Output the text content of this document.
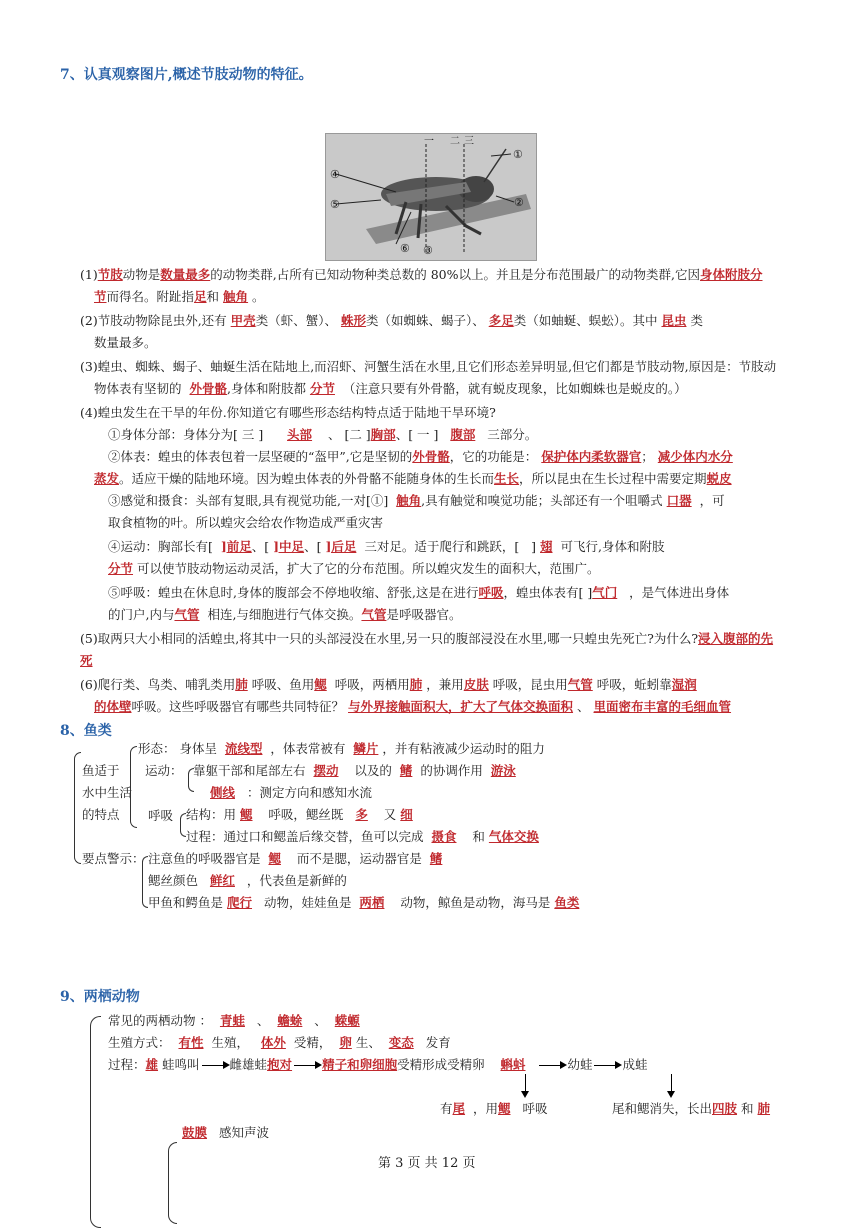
7、认真观察图片,概述节肢动物的特征。
一 二 三
①
②
③
④
⑤
⑥
(1)节肢动物是数量最多的动物类群,占所有已知动物种类总数的 80%以上。并且是分布范围最广的动物类群,它因身体附肢分
节而得名。附趾指足和 触角 。
(2)节肢动物除昆虫外,还有 甲壳类（虾、蟹）、 蛛形类（如蜘蛛、蝎子）、 多足类（如蚰蜒、蜈蚣）。其中 昆虫 类
数量最多。
(3)蝗虫、蜘蛛、蝎子、蚰蜒生活在陆地上,而沼虾、河蟹生活在水里,且它们形态差异明显,但它们都是节肢动物,原因是：节肢动
物体表有坚韧的 外骨骼,身体和附肢都 分节 （注意只要有外骨骼，就有蜕皮现象，比如蜘蛛也是蜕皮的。）
(4)蝗虫发生在干旱的年份.你知道它有哪些形态结构特点适于陆地干旱环境?
①身体分部：身体分为[ 三 ] 头部 、 [二 ]胸部、[ 一 ] 腹部 三部分。
②体表：蝗虫的体表包着一层坚硬的“盔甲”,它是坚韧的外骨骼，它的功能是： 保护体内柔软器官； 减少体内水分
蒸发。适应干燥的陆地环境。因为蝗虫体表的外骨骼不能随身体的生长而生长，所以昆虫在生长过程中需要定期蜕皮
③感觉和摄食：头部有复眼,具有视觉功能,一对[①] 触角,具有触觉和嗅觉功能；头部还有一个咀嚼式 口器 ，可
取食植物的叶。所以蝗灾会给农作物造成严重灾害
④运动：胸部长有[ ]前足、[ ]中足、[ ]后足 三对足。适于爬行和跳跃，[ ] 翅 可飞行,身体和附肢
分节 可以使节肢动物运动灵活，扩大了它的分布范围。所以蝗灾发生的面积大，范围广。
⑤呼吸：蝗虫在休息时,身体的腹部会不停地收缩、舒张,这是在进行呼吸，蝗虫体表有[ ]气门 ，是气体进出身体
的门户,内与气管 相连,与细胞进行气体交换。气管是呼吸器官。
(5)取两只大小相同的活蝗虫,将其中一只的头部浸没在水里,另一只的腹部浸没在水里,哪一只蝗虫先死亡?为什么?浸入腹部的先
死
(6)爬行类、鸟类、哺乳类用肺 呼吸、鱼用鳃 呼吸，两栖用肺 ，兼用皮肤 呼吸，昆虫用气管 呼吸，蚯蚓靠湿润
的体壁呼吸。这些呼吸器官有哪些共同特征？ 与外界接触面积大，扩大了气体交换面积 、 里面密布丰富的毛细血管
8、鱼类
鱼适于
水中生活
的特点
形态： 身体呈 流线型 ，体表常被有 鳞片 ，并有粘液减少运动时的阻力
运动： 靠躯干部和尾部左右 摆动 以及的 鳍 的协调作用 游泳
侧线 ：测定方向和感知水流
呼吸 结构：用 鳃 呼吸，鳃丝既 多 又 细
过程：通过口和鳃盖后缘交替，鱼可以完成 摄食 和 气体交换
要点警示： 注意鱼的呼吸器官是 鳃 而不是腮，运动器官是 鳍
鳃丝颜色 鲜红 ，代表鱼是新鲜的
甲鱼和鳄鱼是 爬行 动物，娃娃鱼是 两栖 动物，鲸鱼是动物，海马是 鱼类
9、两栖动物
常见的两栖动物 ： 青蛙 、 蟾蜍 、 蝾螈
生殖方式： 有性 生殖， 体外 受精， 卵 生、 变态 发育
过程：雄 蛙鸣叫 雌雄蛙抱对 精子和卵细胞受精形成受精卵 蝌蚪	幼蛙 成蛙
有尾 ，用鳃 呼吸	尾和鳃消失，长出四肢 和 肺
鼓膜 感知声波
第 3 页 共 12 页
